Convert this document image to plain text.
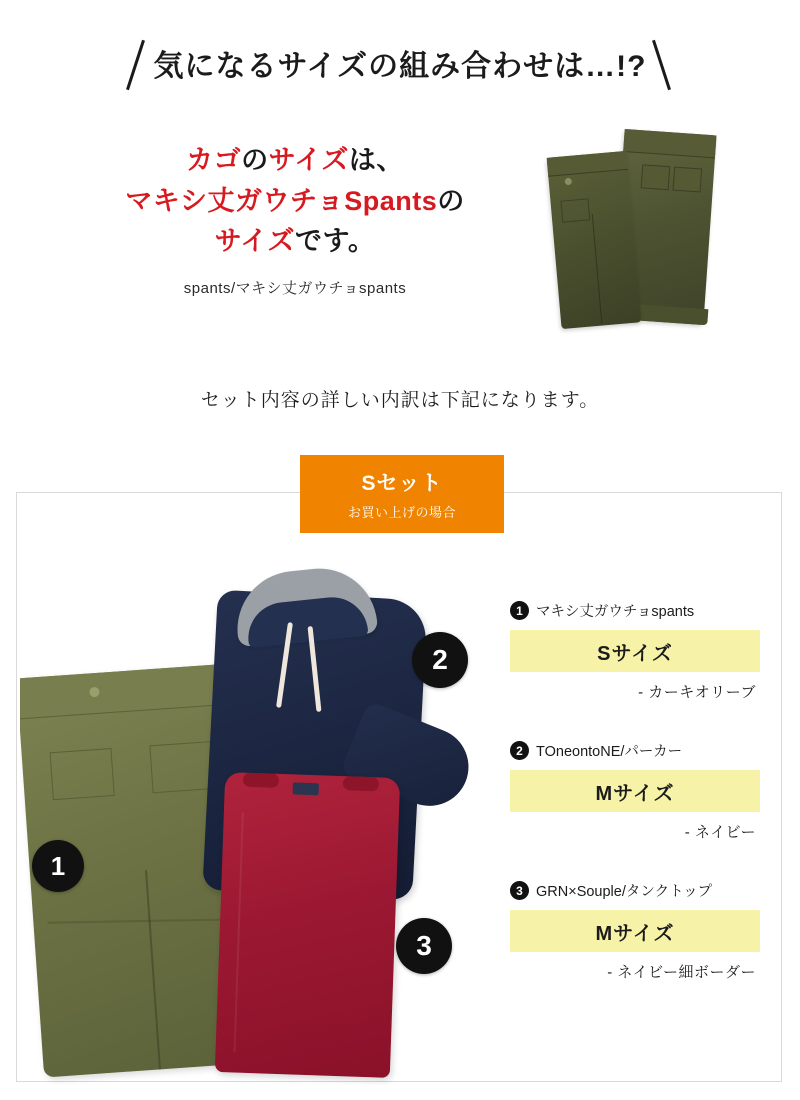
気になるサイズの組み合わせは…!?
カゴのサイズは、
マキシ丈ガウチョSpantsの
サイズです。
spants/マキシ丈ガウチョspants
セット内容の詳しい内訳は下記になります。
Sセット
お買い上げの場合
1
2
3
1 マキシ丈ガウチョspants
Sサイズ
- カーキオリーブ
2 TOneontoNE/パーカー
Mサイズ
- ネイビー
3 GRN×Souple/タンクトップ
Mサイズ
- ネイビー細ボーダー
